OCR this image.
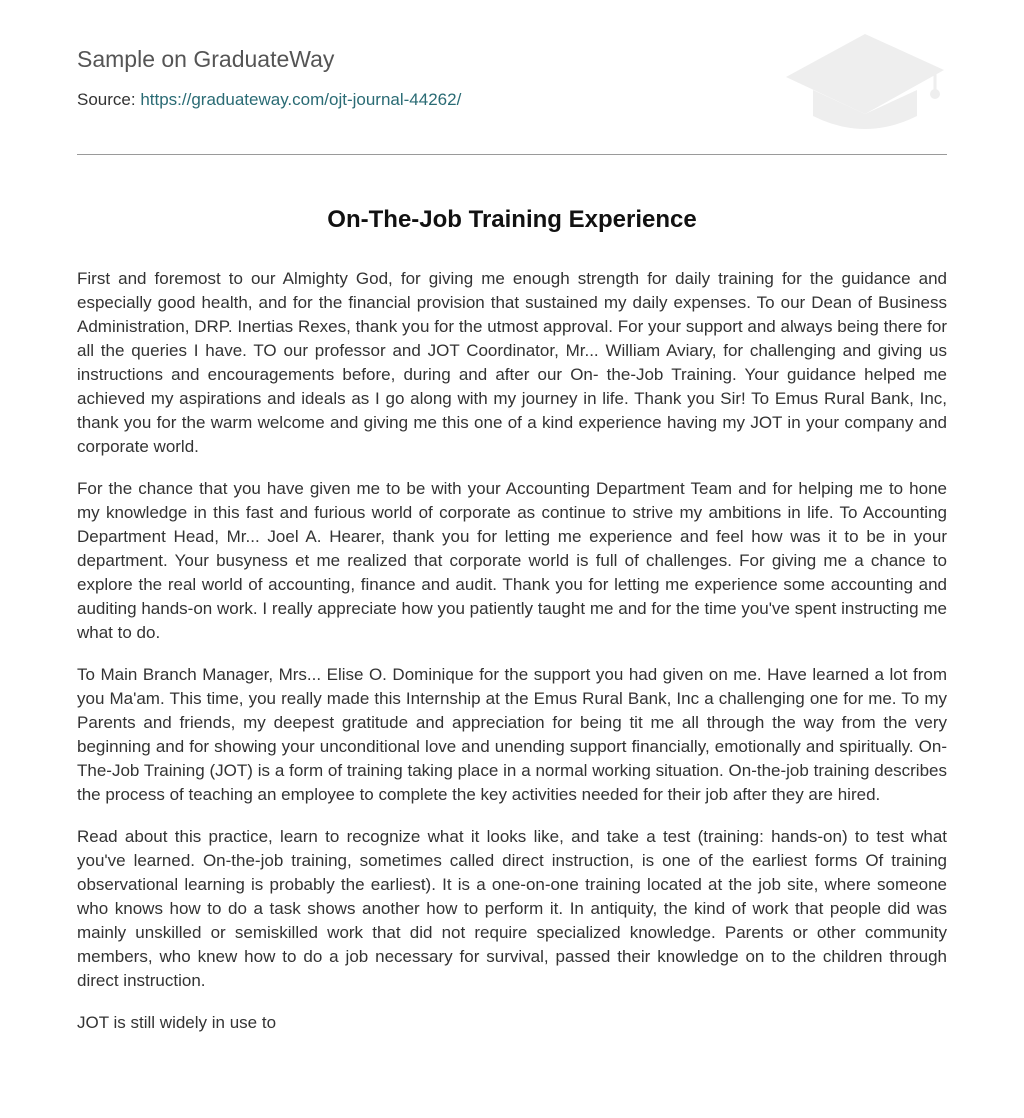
Sample on GraduateWay
Source: https://graduateway.com/ojt-journal-44262/
On-The-Job Training Experience

First and foremost to our Almighty God, for giving me enough strength for daily training for the guidance and especially good health, and for the financial provision that sustained my daily expenses. To our Dean of Business Administration, DRP. Inertias Rexes, thank you for the utmost approval. For your support and always being there for all the queries I have. TO our professor and JOT Coordinator, Mr... William Aviary, for challenging and giving us instructions and encouragements before, during and after our On- the-Job Training. Your guidance helped me achieved my aspirations and ideals as I go along with my journey in life. Thank you Sir! To Emus Rural Bank, Inc, thank you for the warm welcome and giving me this one of a kind experience having my JOT in your company and corporate world.

For the chance that you have given me to be with your Accounting Department Team and for helping me to hone my knowledge in this fast and furious world of corporate as continue to strive my ambitions in life. To Accounting Department Head, Mr... Joel A. Hearer, thank you for letting me experience and feel how was it to be in your department. Your busyness et me realized that corporate world is full of challenges. For giving me a chance to explore the real world of accounting, finance and audit. Thank you for letting me experience some accounting and auditing hands-on work. I really appreciate how you patiently taught me and for the time you've spent instructing me what to do.

To Main Branch Manager, Mrs... Elise O. Dominique for the support you had given on me. Have learned a lot from you Ma'am. This time, you really made this Internship at the Emus Rural Bank, Inc a challenging one for me. To my Parents and friends, my deepest gratitude and appreciation for being tit me all through the way from the very beginning and for showing your unconditional love and unending support financially, emotionally and spiritually. On-The-Job Training (JOT) is a form of training taking place in a normal working situation. On-the-job training describes the process of teaching an employee to complete the key activities needed for their job after they are hired.

Read about this practice, learn to recognize what it looks like, and take a test (training: hands-on) to test what you've learned. On-the-job training, sometimes called direct instruction, is one of the earliest forms Of training observational learning is probably the earliest). It is a one-on-one training located at the job site, where someone who knows how to do a task shows another how to perform it. In antiquity, the kind of work that people did was mainly unskilled or semiskilled work that did not require specialized knowledge. Parents or other community members, who knew how to do a job necessary for survival, passed their knowledge on to the children through direct instruction.

JOT is still widely in use to
